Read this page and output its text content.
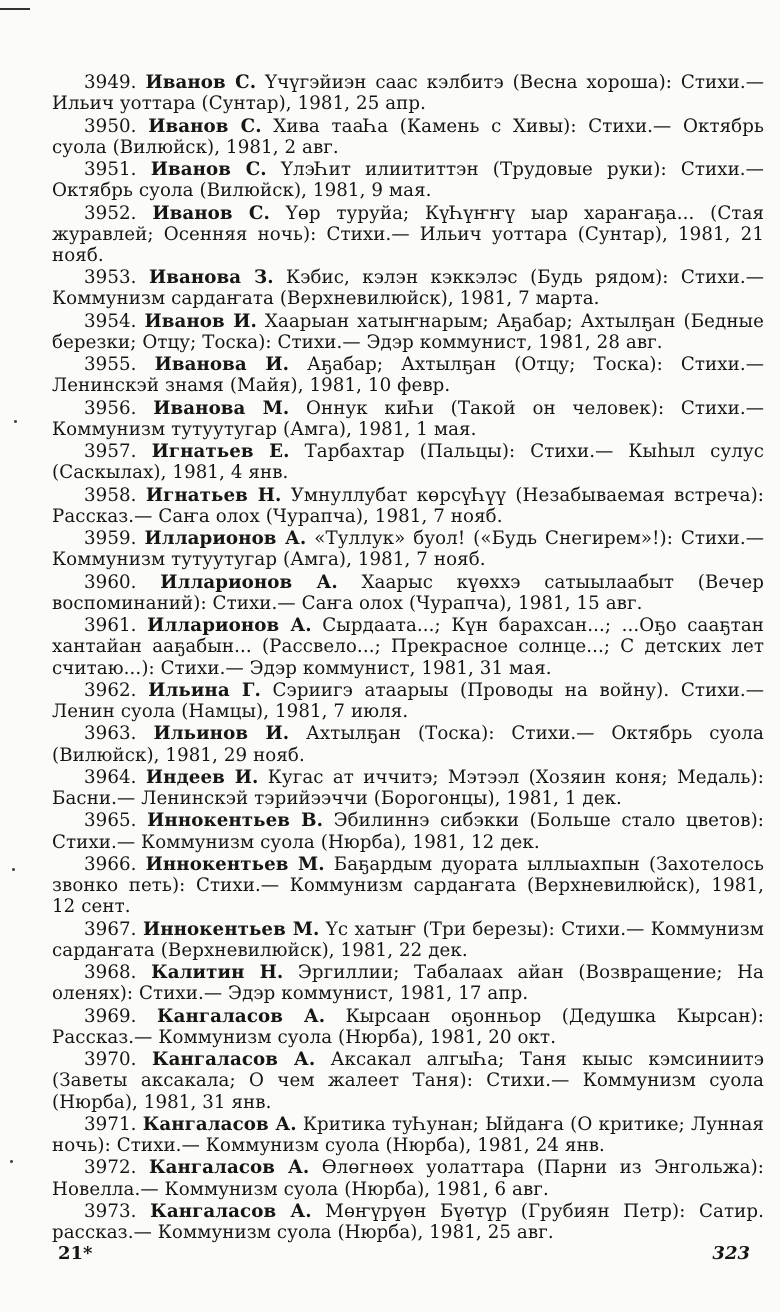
3949. Иванов С. Үчүгэйиэн саас кэлбитэ (Весна хороша): Стихи.— Ильич уоттара (Сунтар), 1981, 25 апр.

3950. Иванов С. Хива тааҺа (Камень с Хивы): Стихи.— Октябрь суола (Вилюйск), 1981, 2 авг.

3951. Иванов С. ҮлэҺит илиититтэн (Трудовые руки): Стихи.— Октябрь суола (Вилюйск), 1981, 9 мая.

3952. Иванов С. Үөр туруйа; КүҺүҥҥү ыар хараҥаҕа... (Стая журавлей; Осенняя ночь): Стихи.— Ильич уоттара (Сунтар), 1981, 21 нояб.

3953. Иванова З. Кэбис, кэлэн кэккэлэс (Будь рядом): Стихи.— Коммунизм сардаҥата (Верхневилюйск), 1981, 7 марта.

3954. Иванов И. Хаарыан хатыҥнарым; Аҕабар; Ахтылҕан (Бедные березки; Отцу; Тоска): Стихи.— Эдэр коммунист, 1981, 28 авг.

3955. Иванова И. Аҕабар; Ахтылҕан (Отцу; Тоска): Стихи.— Ленинскэй знамя (Майя), 1981, 10 февр.

3956. Иванова М. Оннук киҺи (Такой он человек): Стихи.— Коммунизм тутуутугар (Амга), 1981, 1 мая.

3957. Игнатьев Е. Тарбахтар (Пальцы): Стихи.— Кыһыл сулус (Саскылах), 1981, 4 янв.

3958. Игнатьев Н. Умнуллубат көрсүҺүү (Незабываемая встреча): Рассказ.— Саҥа олох (Чурапча), 1981, 7 нояб.

3959. Илларионов А. «Туллук» буол! («Будь Снегирем»!): Стихи.— Коммунизм тутуутугар (Амга), 1981, 7 нояб.

3960. Илларионов А. Хаарыс күөххэ сатыылаабыт (Вечер воспоминаний): Стихи.— Саҥа олох (Чурапча), 1981, 15 авг.

3961. Илларионов А. Сырдаата...; Күн барахсан...; ...Оҕо сааҕтан хантайан ааҕабын... (Рассвело...; Прекрасное солнце...; С детских лет считаю...): Стихи.— Эдэр коммунист, 1981, 31 мая.

3962. Ильина Г. Сэриигэ атаарыы (Проводы на войну). Стихи.— Ленин суола (Намцы), 1981, 7 июля.

3963. Ильинов И. Ахтылҕан (Тоска): Стихи.— Октябрь суола (Вилюйск), 1981, 29 нояб.

3964. Индеев И. Кугас ат иччитэ; Мэтээл (Хозяин коня; Медаль): Басни.— Ленинскэй тэрийээччи (Борогонцы), 1981, 1 дек.

3965. Иннокентьев В. Эбилиннэ сибэкки (Больше стало цветов): Стихи.— Коммунизм суола (Нюрба), 1981, 12 дек.

3966. Иннокентьев М. Баҕардым дуората ыллыахпын (Захотелось звонко петь): Стихи.— Коммунизм сардаҥата (Верхневилюйск), 1981, 12 сент.

3967. Иннокентьев М. Үс хатыҥ (Три березы): Стихи.— Коммунизм сардаҥата (Верхневилюйск), 1981, 22 дек.

3968. Калитин Н. Эргиллии; Табалаах айан (Возвращение; На оленях): Стихи.— Эдэр коммунист, 1981, 17 апр.

3969. Кангаласов А. Кырсаан оҕонньор (Дедушка Кырсан): Рассказ.— Коммунизм суола (Нюрба), 1981, 20 окт.

3970. Кангаласов А. Аксакал алгыҺа; Таня кыыс кэмсиниитэ (Заветы аксакала; О чем жалеет Таня): Стихи.— Коммунизм суола (Нюрба), 1981, 31 янв.

3971. Кангаласов А. Критика туҺунан; Ыйдаҥа (О критике; Лунная ночь): Стихи.— Коммунизм суола (Нюрба), 1981, 24 янв.

3972. Кангаласов А. Өлөгнөөх уолаттара (Парни из Энгольжа): Новелла.— Коммунизм суола (Нюрба), 1981, 6 авг.

3973. Кангаласов А. Мөҥүрүөн Бүөтүр (Грубиян Петр): Сатир. рассказ.— Коммунизм суола (Нюрба), 1981, 25 авг.

21*	323
